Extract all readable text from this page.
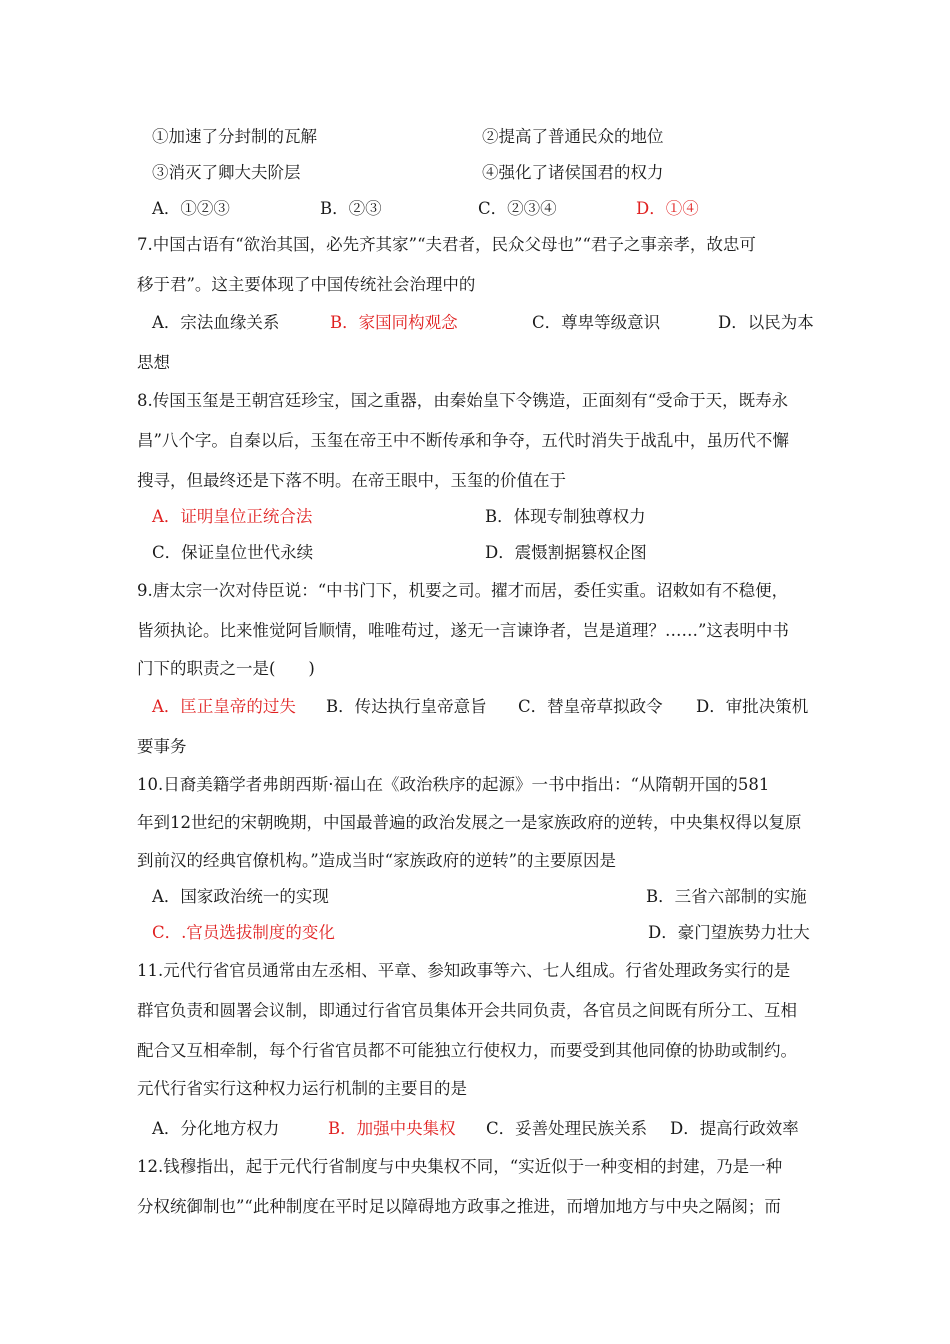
①加速了分封制的瓦解	②提高了普通民众的地位
③消灭了卿大夫阶层	④强化了诸侯国君的权力
A．①②③	B．②③	C．②③④	D．①④
7.中国古语有“欲治其国，必先齐其家”“夫君者，民众父母也”“君子之事亲孝，故忠可
移于君”。这主要体现了中国传统社会治理中的
A．宗法血缘关系	B．家国同构观念	C．尊卑等级意识	D．以民为本
思想
8.传国玉玺是王朝宫廷珍宝，国之重器，由秦始皇下令镌造，正面刻有“受命于天，既寿永
昌”八个字。自秦以后，玉玺在帝王中不断传承和争夺，五代时消失于战乱中，虽历代不懈
搜寻，但最终还是下落不明。在帝王眼中，玉玺的价值在于
A．证明皇位正统合法	B．体现专制独尊权力
C．保证皇位世代永续	D．震慑割据篡权企图
9.唐太宗一次对侍臣说：“中书门下，机要之司。擢才而居，委任实重。诏敕如有不稳便，
皆须执论。比来惟觉阿旨顺情，唯唯苟过，遂无一言谏诤者，岂是道理？……”这表明中书
门下的职责之一是(　　)
A．匡正皇帝的过失 B．传达执行皇帝意旨 C．替皇帝草拟政令 D．审批决策机
要事务
10.日裔美籍学者弗朗西斯·福山在《政治秩序的起源》一书中指出：“从隋朝开国的581
年到12世纪的宋朝晚期，中国最普遍的政治发展之一是家族政府的逆转，中央集权得以复原
到前汉的经典官僚机构。”造成当时“家族政府的逆转”的主要原因是
A．国家政治统一的实现	B．三省六部制的实施
C．.官员选拔制度的变化	D．豪门望族势力壮大
11.元代行省官员通常由左丞相、平章、参知政事等六、七人组成。行省处理政务实行的是
群官负责和圆署会议制，即通过行省官员集体开会共同负责，各官员之间既有所分工、互相
配合又互相牵制，每个行省官员都不可能独立行使权力，而要受到其他同僚的协助或制约。
元代行省实行这种权力运行机制的主要目的是
A．分化地方权力	B．加强中央集权 C．妥善处理民族关系 D．提高行政效率
12.钱穆指出，起于元代行省制度与中央集权不同，“实近似于一种变相的封建，乃是一种
分权统御制也”“此种制度在平时足以障碍地方政事之推进，而增加地方与中央之隔阂；而
